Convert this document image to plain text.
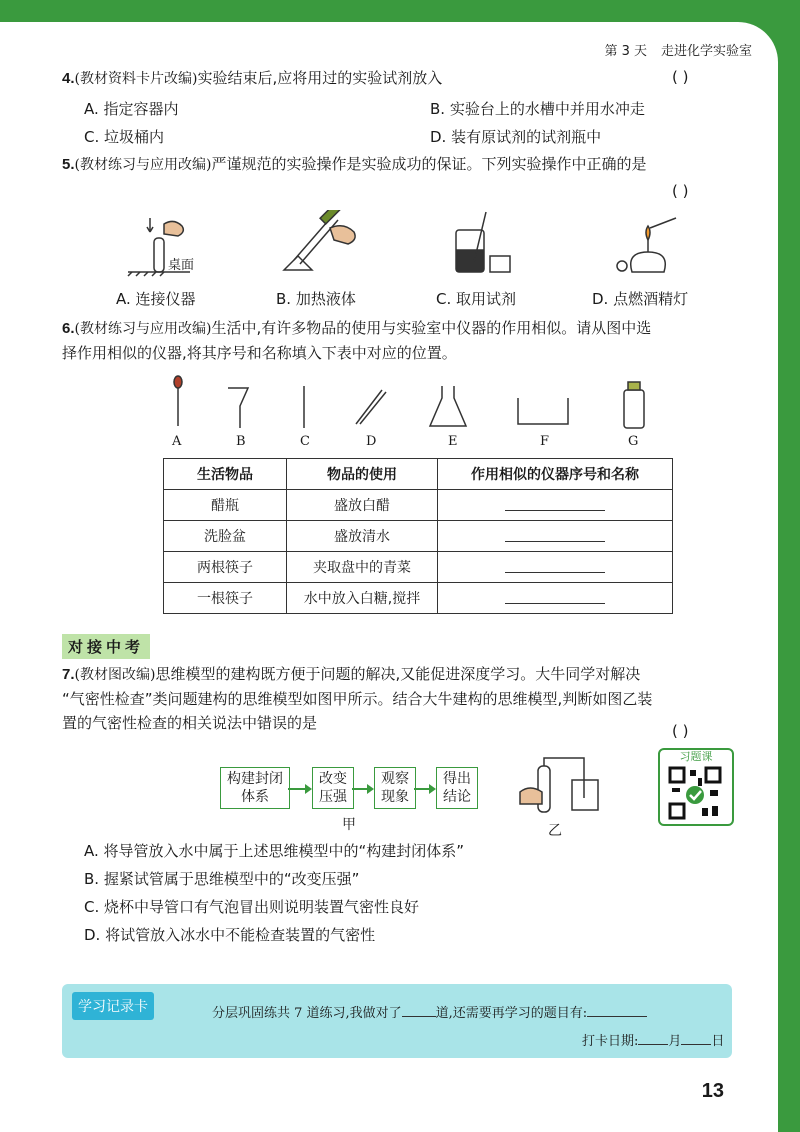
第 3 天 走进化学实验室
4.(教材资料卡片改编)实验结束后,应将用过的实验试剂放入	( )
A. 指定容器内	B. 实验台上的水槽中并用水冲走
C. 垃圾桶内	D. 装有原试剂的试剂瓶中
5.(教材练习与应用改编)严谨规范的实验操作是实验成功的保证。下列实验操作中正确的是
( )
桌面
A. 连接仪器	B. 加热液体	C. 取用试剂	D. 点燃酒精灯
6.(教材练习与应用改编)生活中,有许多物品的使用与实验室中仪器的作用相似。请从图中选
择作用相似的仪器,将其序号和名称填入下表中对应的位置。
A	B	C	D	E	F	G
生活物品	物品的使用	作用相似的仪器序号和名称
醋瓶	盛放白醋	
洗脸盆	盛放清水	
两根筷子	夹取盘中的青菜	
一根筷子	水中放入白糖,搅拌	
对接中考
7.(教材图改编)思维模型的建构既方便于问题的解决,又能促进深度学习。大牛同学对解决
“气密性检查”类问题建构的思维模型如图甲所示。结合大牛建构的思维模型,判断如图乙装
置的气密性检查的相关说法中错误的是	( )
构建封闭
体系
改变
压强
观察
现象
得出
结论
甲	乙
习题课
A. 将导管放入水中属于上述思维模型中的“构建封闭体系”
B. 握紧试管属于思维模型中的“改变压强”
C. 烧杯中导管口有气泡冒出则说明装置气密性良好
D. 将试管放入冰水中不能检查装置的气密性
学习记录卡	分层巩固练共 7 道练习,我做对了	道,还需要再学习的题目有:
打卡日期: 月 日
13
